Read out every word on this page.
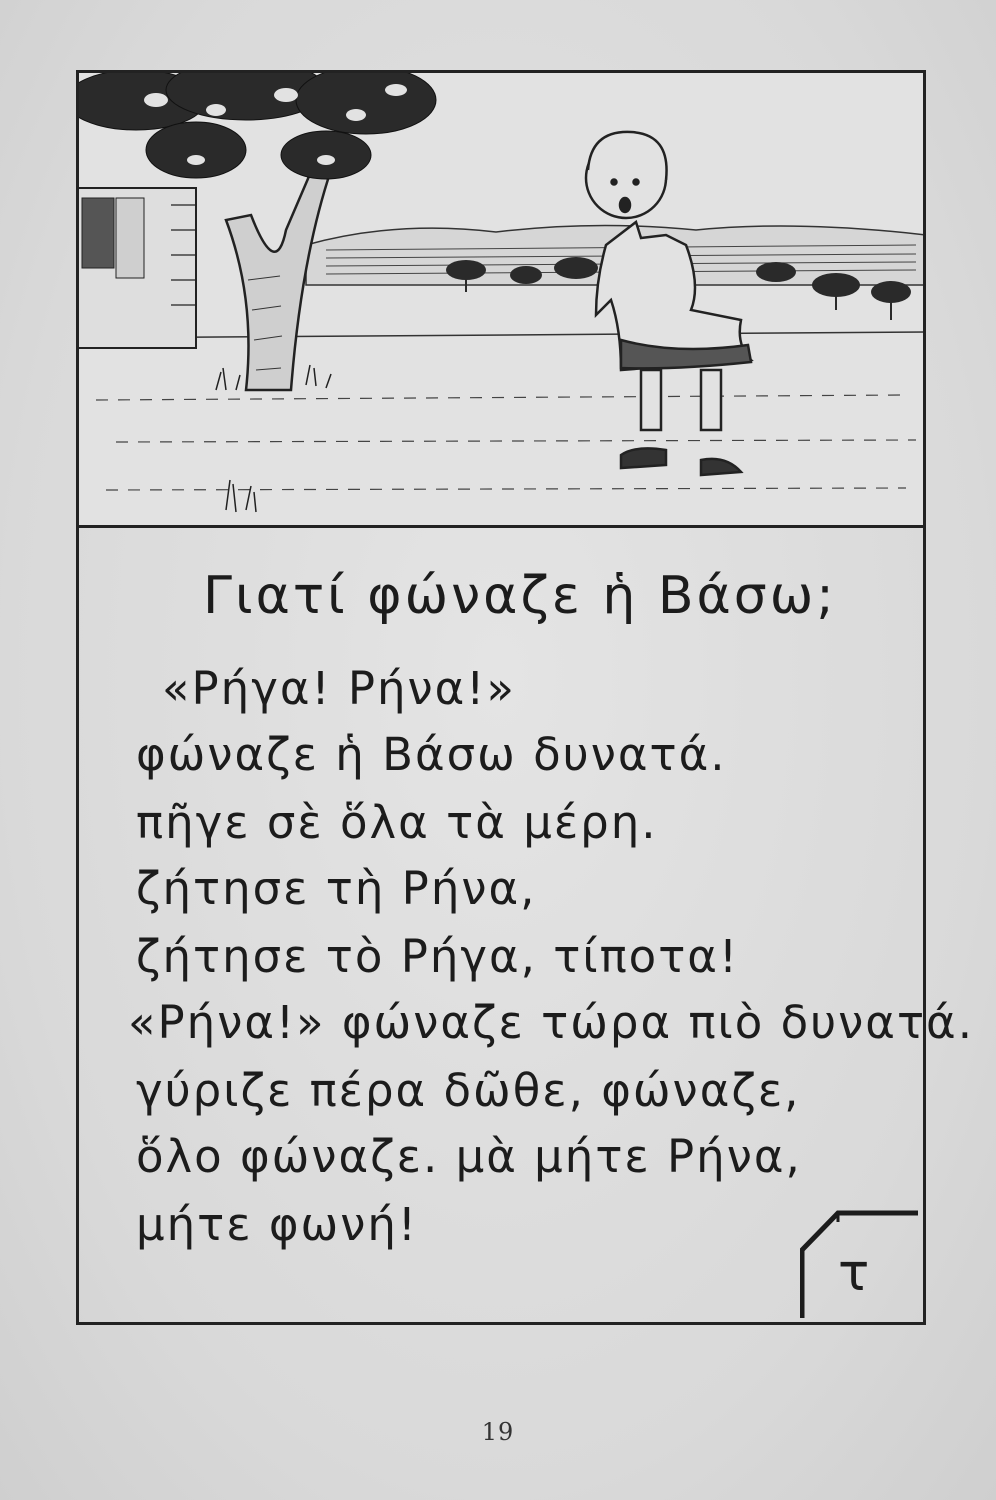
Γιατί φώναζε ἡ Βάσω;
«Ρήγα! Ρήνα!»
φώναζε ἡ Βάσω δυνατά.
πῆγε σὲ ὅλα τὰ μέρη.
ζήτησε τὴ Ρήνα,
ζήτησε τὸ Ρήγα, τίποτα!
«Ρήνα!» φώναζε τώρα πιὸ δυνατά.
γύριζε πέρα δῶθε, φώναζε,
ὅλο φώναζε. μὰ μήτε Ρήνα,
μήτε φωνή!
τ
19
